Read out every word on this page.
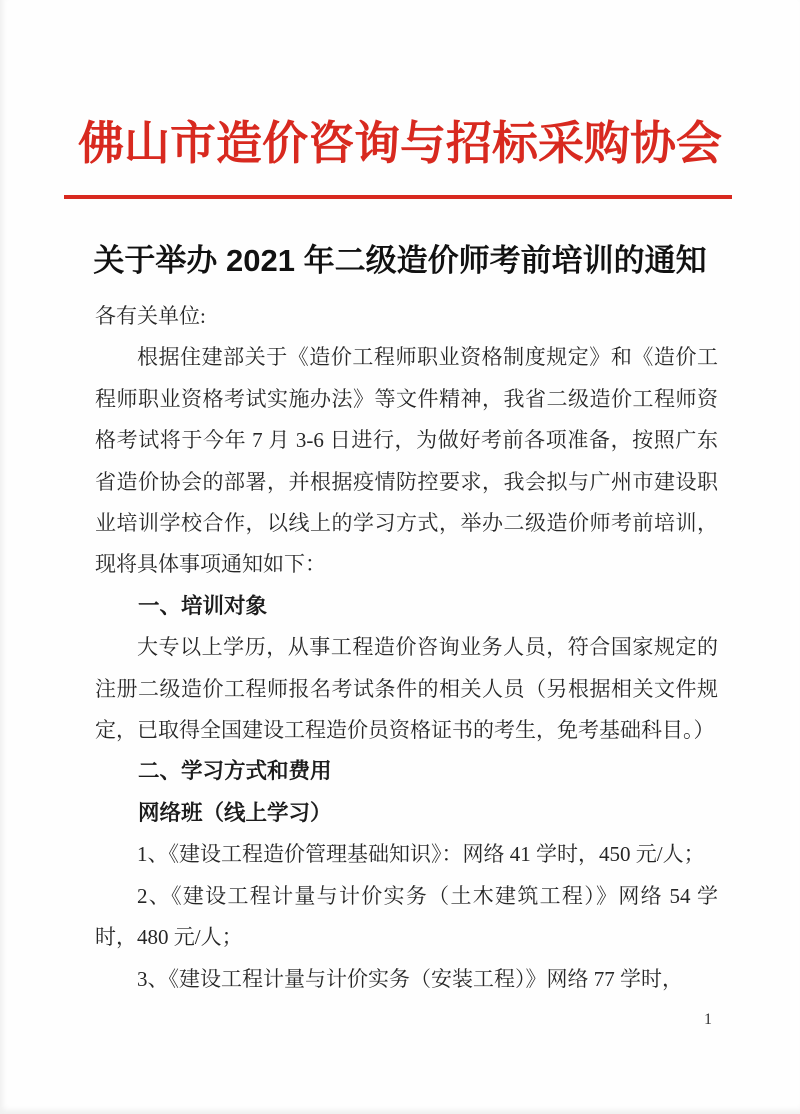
佛山市造价咨询与招标采购协会
关于举办 2021 年二级造价师考前培训的通知

各有关单位:

根据住建部关于《造价工程师职业资格制度规定》和《造价工程师职业资格考试实施办法》等文件精神，我省二级造价工程师资格考试将于今年 7 月 3-6 日进行，为做好考前各项准备，按照广东省造价协会的部署，并根据疫情防控要求，我会拟与广州市建设职业培训学校合作，以线上的学习方式，举办二级造价师考前培训，现将具体事项通知如下：

一、培训对象

大专以上学历，从事工程造价咨询业务人员，符合国家规定的注册二级造价工程师报名考试条件的相关人员（另根据相关文件规定，已取得全国建设工程造价员资格证书的考生，免考基础科目。）

二、学习方式和费用

网络班（线上学习）

1、《建设工程造价管理基础知识》：网络 41 学时，450 元/人；

2、《建设工程计量与计价实务（土木建筑工程）》网络 54 学时，480 元/人；

3、《建设工程计量与计价实务（安装工程）》网络 77 学时，

1
